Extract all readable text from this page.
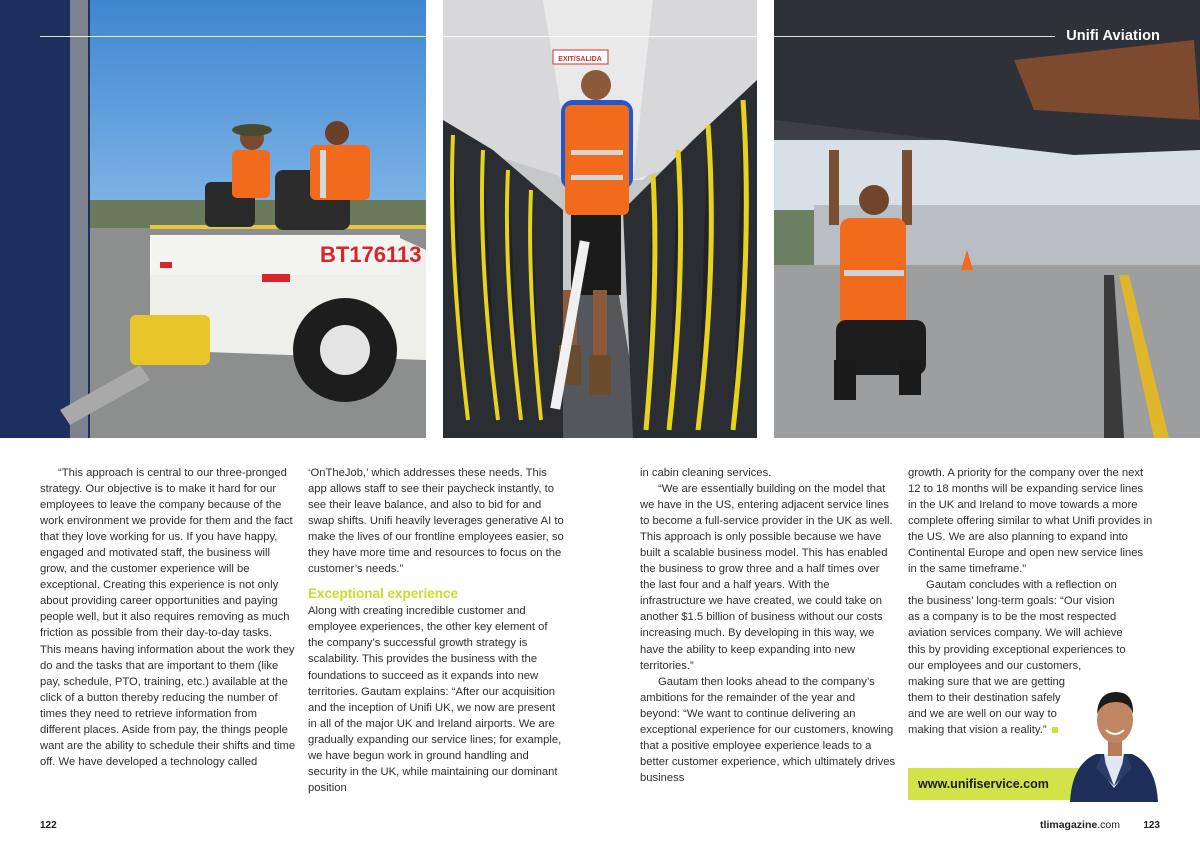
BT176113
EXIT/SALIDA
Unifi Aviation

“This approach is central to our three-pronged strategy. Our objective is to make it hard for our employees to leave the company because of the work environment we provide for them and the fact that they love working for us. If you have happy, engaged and motivated staff, the business will grow, and the customer experience will be exceptional. Creating this experience is not only about providing career opportunities and paying people well, but it also requires removing as much friction as possible from their day-to-day tasks. This means having information about the work they do and the tasks that are important to them (like pay, schedule, PTO, training, etc.) available at the click of a button thereby reducing the number of times they need to retrieve information from different places. Aside from pay, the things people want are the ability to schedule their shifts and time off. We have developed a technology called

‘OnTheJob,’ which addresses these needs. This app allows staff to see their paycheck instantly, to see their leave balance, and also to bid for and swap shifts. Unifi heavily leverages generative AI to make the lives of our frontline employees easier, so they have more time and resources to focus on the customer’s needs.”

Exceptional experience

Along with creating incredible customer and employee experiences, the other key element of the company’s successful growth strategy is scalability. This provides the business with the foundations to succeed as it expands into new territories. Gautam explains: “After our acquisition and the inception of Unifi UK, we now are present in all of the major UK and Ireland airports. We are gradually expanding our service lines; for example, we have begun work in ground handling and security in the UK, while maintaining our dominant position

in cabin cleaning services.

“We are essentially building on the model that we have in the US, entering adjacent service lines to become a full-service provider in the UK as well. This approach is only possible because we have built a scalable business model. This has enabled the business to grow three and a half times over the last four and a half years. With the infrastructure we have created, we could take on another $1.5 billion of business without our costs increasing much. By developing in this way, we have the ability to keep expanding into new territories.”

Gautam then looks ahead to the company’s ambitions for the remainder of the year and beyond: “We want to continue delivering an exceptional experience for our customers, knowing that a positive employee experience leads to a better customer experience, which ultimately drives business

growth. A priority for the company over the next 12 to 18 months will be expanding service lines in the UK and Ireland to move towards a more complete offering similar to what Unifi provides in the US. We are also planning to expand into Continental Europe and open new service lines in the same timeframe.”

Gautam concludes with a reflection on
the business’ long-term goals: “Our vision
as a company is to be the most respected
aviation services company. We will achieve
this by providing exceptional experiences to
our employees and our customers,
making sure that we are getting
them to their destination safely
and we are well on our way to
making that vision a reality.”

www.unifiservice.com
122	tlimagazine.com 123
